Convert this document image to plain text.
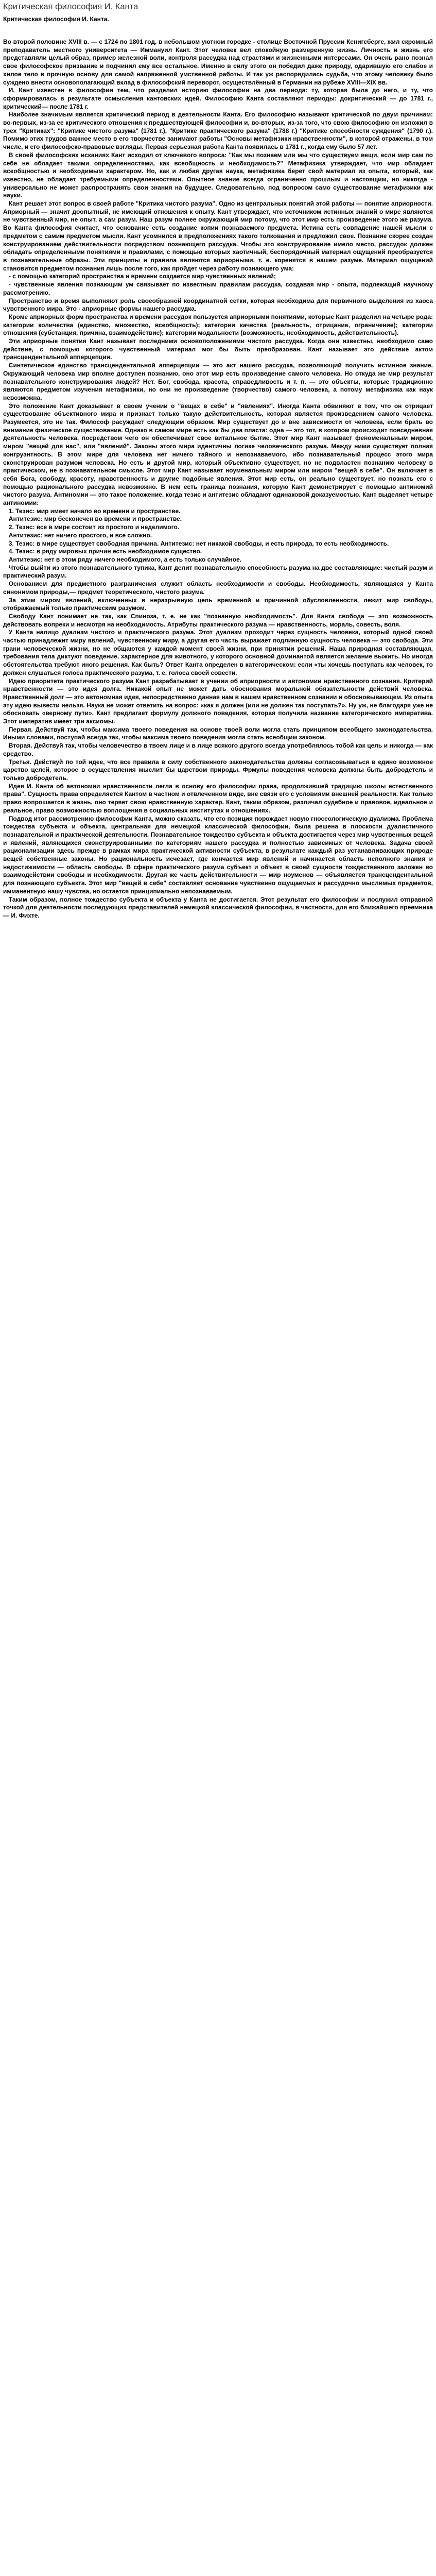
Критическая философия И. Канта
Критическая философия И. Канта.

Во второй половине XVIII в. — с 1724 по 1801 год, в небольшом уютном городке - столице Восточной Пруссии Кенигсберге, жил скромный преподаватель местного университета — Иммануил Кант. Этот человек вел спокойную размеренную жизнь. Личность и жизнь его представляли целый образ, пример железной воли, контроля рассудка над страстями и жизненными интересами. Он очень рано познал свое философское призвание и подчинил ему все остальное. Именно в силу этого он победил даже природу, одарившую его слабое и хилое тело в прочную основу для самой напряженной умственной работы. И так уж распорядилась судьба, что этому человеку было суждено внести основополагающий вклад в философский переворот, осуществлённый в Германии на рубеже XVIII—XIX вв.

И. Кант известен в философии тем, что разделил историю философии на два периода: ту, которая была до него, и ту, что сформировалась в результате осмысления кантовских идей. Философию Канта составляют периоды: докритический — до 1781 г., критический— после 1781 г.

Наиболее значимым является критический период в деятельности Канта. Его философию называют критической по двум причинам: во-первых, из-за ее критического отношения к предшествующей философии и, во-вторых, из-за того, что свою философию он изложил в трех "Критиках": "Критике чистого разума" (1781 г.), "Критике практического разума" (1788 г.) "Критике способности суждения" (1790 г.). Помимо этих трудов важное место в его творчестве занимают работы "Основы метафизики нравственности", в которой отражены, в том числе, и его философско-правовые взгляды. Первая серьезная работа Канта появилась в 1781 г., когда ему было 57 лет.

В своей философских исканиях Кант исходил от ключевого вопроса: "Как мы познаем или мы что существуем вещи, если мир сам по себе не обладает такими определенностями, как всеобщность и необходимость?" Метафизика утверждает, что мир обладает всеобщностью и необходимым характером. Но, как и любая другая наука, метафизика берет свой материал из опыта, который, как известно, не обладает требуемыми определенностями. Опытное знание всегда ограниченно прошлым и настоящим, но никогда - универсально не может распространять свои знания на будущее. Следовательно, под вопросом само существование метафизики как науки.

Кант решает этот вопрос в своей работе "Критика чистого разума". Одно из центральных понятий этой работы — понятие априорности. Априорный — значит доопытный, не имеющий отношения к опыту. Кант утверждает, что источником истинных знаний о мире являются не чувственный мир, не опыт, а сам разум. Наш разум полнее окружающий мир потому, что этот мир есть произведение этого же разума. Во Канта философия считает, что основание есть создание копии познаваемого предмета. Истина есть совпадение нашей мысли с предметом с самим предметом мысли. Кант усомнился в предположениях такого толкования и предложил свое. Познание скорее создан конструированием действительности посредством познающего рассудка. Чтобы это конструирование имело место, рассудок должен обладать определенными понятиями и правилами, с помощью которых хаотичный, беспорядочный материал ощущений преобразуется в познавательные образы. Эти принципы и правила являются априорными, т. е. коренятся в нашем разуме. Материал ощущений становится предметом познания лишь после того, как пройдет через работу познающего ума:

- с помощью категорий пространства и времени создается мир чувственных явлений;

- чувственные явления познающим ум связывает по известным правилам рассудка, создавая мир - опыта, подлежащий научному рассмотрению.

Пространство и время выполняют роль своеобразной координатной сетки, которая необходима для первичного выделения из хаоса чувственного мира. Это - априорные формы нашего рассудка.

Кроме априорных форм пространства и времени рассудок пользуется априорными понятиями, которые Кант разделил на четыре рода: категории количества (единство, множество, всеобщность); категории качества (реальность, отрицание, ограничение); категории отношения (субстанция, причина, взаимодействие); категории модальности (возможность, необходимость, действительность).

Эти априорные понятия Кант называет последними основоположениями чистого рассудка. Когда они известны, необходимо само действие, с помощью которого чувственный материал мог бы быть преобразован. Кант называет это действие актом трансцендентальной апперцепции.

Синтетическое единство трансцендентальной апперцепции — это акт нашего рассудка, позволяющий получить истинное знание. Окружающий человека мир вполне доступен познанию, оно этот мир есть произведение самого человека. Но откуда же мир результат познавательного конструирования людей? Нет. Бог, свобода, красота, справедливость и т. п. — это объекты, которые традиционно являются предметом изучения метафизики, но они не произведение (творчество) самого человека, а потому метафизика как наук невозможна.

Это положение Кант доказывает в своем учении о "вещах в себе" и "явлениях". Иногда Канта обвиняют в том, что он отрицает существование объективного мира и признает только такую действительность, которая является произведением самого человека. Разумеется, это не так. Философ расуждает следующим образом. Мир существует до и вне зависимости от человека, если брать во внимание физическое существование. Однако в самом мире есть как бы два пласта: одна — это тот, в котором происходит повседневная деятельность человека, посредством чего он обеспечивает свое витальное бытие. Этот мир Кант называет феноменальным миром, миром "вещей для нас", или "явлений". Законы этого мира идентичны логике человеческого разума. Между ними существует полная конгруэнтность. В этом мире для человека нет ничего тайного и непознаваемого, ибо познавательный процесс этого мира сконструирован разумом человека. Но есть и другой мир, который объективно существует, но не подвластен познанию человеку в практическом, не в познавательном смысле. Этот мир Кант называет ноуменальным миром или миром "вещей в себе". Он включает в себя Бога, свободу, красоту, нравственность и другие подобные явления. Этот мир есть, он реально существует, но познать его с помощью рационального рассудка невозможно. В нем есть граница познания, которую Кант демонстрирует с помощью антиномий чистого разума. Антиномии — это такое положение, когда тезис и антитезис обладают одинаковой доказуемостью. Кант выделяет четыре антиномии:

1. Тезис: мир имеет начало во времени и пространстве.

Антитезис: мир бесконечен во времени и пространстве.

2. Тезис: все в мире состоит из простого и неделимого.

Антитезис: нет ничего простого, и все сложно.

3. Тезис: в мире существует свободная причина. Антитезис: нет никакой свободы, и есть природа, то есть необходимость.

4. Тезис: в ряду мировых причин есть необходимое существо.

Антитезис: нет в этом ряду ничего необходимого, а есть только случайное.

Чтобы выйти из этого познавательного тупика, Кант делит познавательную способность разума на две составляющие: чистый разум и практический разум.

Основанием для предметного разграничения служит область необходимости и свободы. Необходимость, являющаяся у Канта синонимом природы,— предмет теоретического, чистого разума.

За этим миром явлений, включенных в неразрывную цепь временной и причинной обусловленности, лежит мир свободы, отображаемый только практическим разумом.

Свободу Кант понимает не так, как Спиноза, т. е. не как "познанную необходимость". Для Канта свобода — это возможность действовать вопреки и несмотря на необходимость. Атрибуты практического разума — нравственность, мораль, совесть, воля.

У Канта налицо дуализм чистого и практического разума. Этот дуализм проходит через сущность человека, который одной своей частью принадлежит миру явлений, чувственному миру, а другая его часть выражает подлинную сущность человека — это свобода. Эти грани человеческой жизни, но не общаются у каждой момент своей жизни, при принятии решений. Наша природная составляющая, требования тела диктуют поведение, характерное для животного, у которого основной доминантой является желание выжить. Но иногда обстоятельства требуют иного решения. Как быть? Ответ Канта определен в категорическом: если «ты хочешь поступать как человек, то должен слушаться голоса практического разума, т. е. голоса своей совести.

Идею приоритета практического разума Кант разрабатывает в учении об априорности и автономии нравственного сознания. Критерий нравственности — это идея долга. Никакой опыт не может дать обоснования моральной обязательности действий человека. Нравственный долг — это автономная идея, непосредственно данная нам в нашем нравственном сознании и обосновывающем. Из опыта эту идею вывести нельзя. Наука не может ответить на вопрос: «как я должен (или не должен так поступать?». Ну уж, не благодаря уже не обосновать «верному пути». Кант предлагает формулу должного поведения, которая получила название категорического императива. Этот императив имеет три аксиомы.

Первая. Действуй так, чтобы максима твоего поведения на основе твоей воли могла стать принципом всеобщего законодательства. Иными словами, поступай всегда так, чтобы максима твоего поведения могла стать всеобщим законом.

Вторая. Действуй так, чтобы человечество в твоем лице и в лице всякого другого всегда употреблялось тобой как цель и никогда — как средство.

Третья. Действуй по той идее, что все правила в силу собственного законодательства должны согласовываться в едино возможное царство целей, которое в осуществления мыслит бы царством природы. Фрмулы поведения человека должны быть добродетель и только добродетель.

Идея И. Канта об автономии нравственности легла в основу его философии права, продолжившей традицию школы естественного права". Сущность права определяется Кантом в частном и отвлеченном виде, вне связи его с условиями внешней реальности. Как только право вопрошается в жизнь, оно теряет свою нравственную характер. Кант, таким образом, различал судебное и правовое, идеальное и реальное, право возможностью воплощения в социальных институтах и отношениях.

Подвод итог рассмотрению философии Канта, можно сказать, что его позиция порождает новую гносеологическую дуализма. Проблема тождества субъекта и объекта, центральная для немецкой классической философии, была решена в плоскости дуалистичного познавательной и практической деятельности. Познавательное тождество субъекта и объекта достигается через мир чувственных вещей и явлений, являющихся сконструированными по категориям нашего рассудка и полностью зависимых от человека. Задача своей рационализации здесь прежде в рамках мира практической активности субъекта, в результате каждый раз устанавливающих природе вещей собственные законы. Но рациональность исчезает, где кончается мир явлений и начинается область неполного знания и недостижимости — область свободы. В сфере практического разума субъект и объект в своей сущности тождественного заложен во взаимодействии свободы и необходимости. Другая же часть действительности — мир ноуменов — объявляется трансцендентальной для познающего субъекта. Этот мир "вещей в себе" составляет основание чувственно ощущаемых и рассудочно мыслимых предметов, имманентную нашу чувства, но остается принципиально непознаваемым.

Таким образом, полное тождество субъекта и объекта у Канта не достигается. Этот результат его философии и послужил отправной точкой для деятельности последующих представителей немецкой классической философии, в частности, для его ближайшего преемника — И. Фихте.
